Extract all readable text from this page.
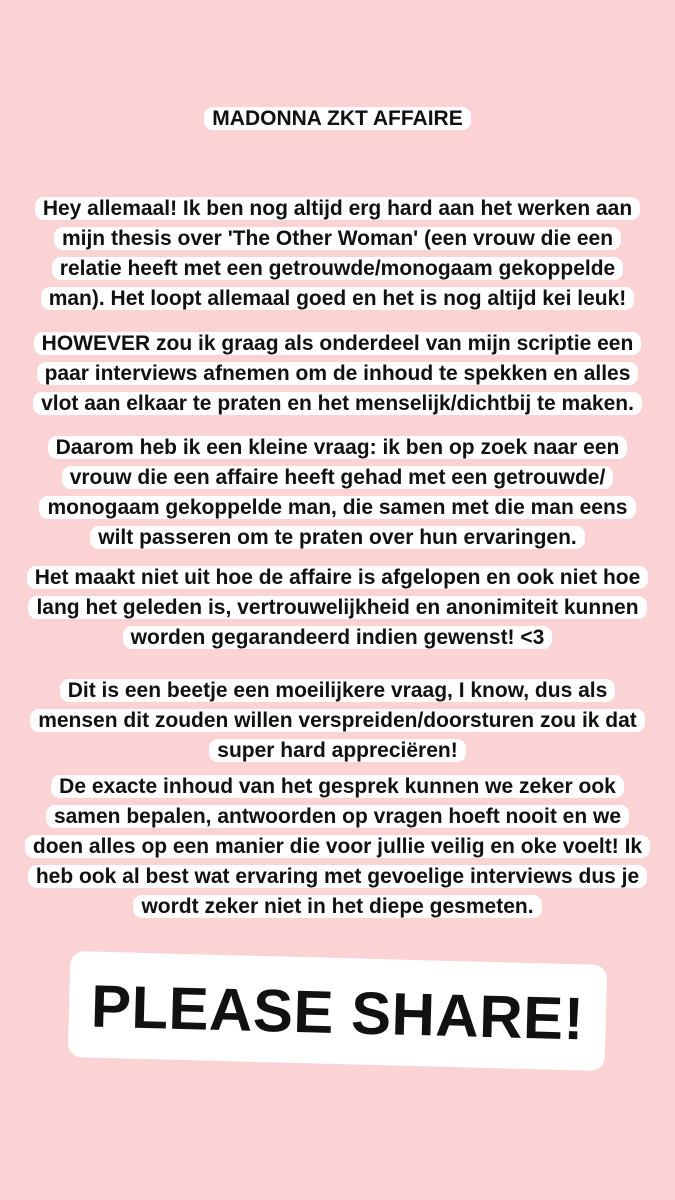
MADONNA ZKT AFFAIRE
Hey allemaal! Ik ben nog altijd erg hard aan het werken aan
mijn thesis over 'The Other Woman' (een vrouw die een
relatie heeft met een getrouwde/monogaam gekoppelde
man). Het loopt allemaal goed en het is nog altijd kei leuk!
HOWEVER zou ik graag als onderdeel van mijn scriptie een
paar interviews afnemen om de inhoud te spekken en alles
vlot aan elkaar te praten en het menselijk/dichtbij te maken.
Daarom heb ik een kleine vraag: ik ben op zoek naar een
vrouw die een affaire heeft gehad met een getrouwde/
monogaam gekoppelde man, die samen met die man eens
wilt passeren om te praten over hun ervaringen.
Het maakt niet uit hoe de affaire is afgelopen en ook niet hoe
lang het geleden is, vertrouwelijkheid en anonimiteit kunnen
worden gegarandeerd indien gewenst! <3
Dit is een beetje een moeilijkere vraag, I know, dus als
mensen dit zouden willen verspreiden/doorsturen zou ik dat
super hard appreciëren!
De exacte inhoud van het gesprek kunnen we zeker ook
samen bepalen, antwoorden op vragen hoeft nooit en we
doen alles op een manier die voor jullie veilig en oke voelt! Ik
heb ook al best wat ervaring met gevoelige interviews dus je
wordt zeker niet in het diepe gesmeten.
PLEASE SHARE!
